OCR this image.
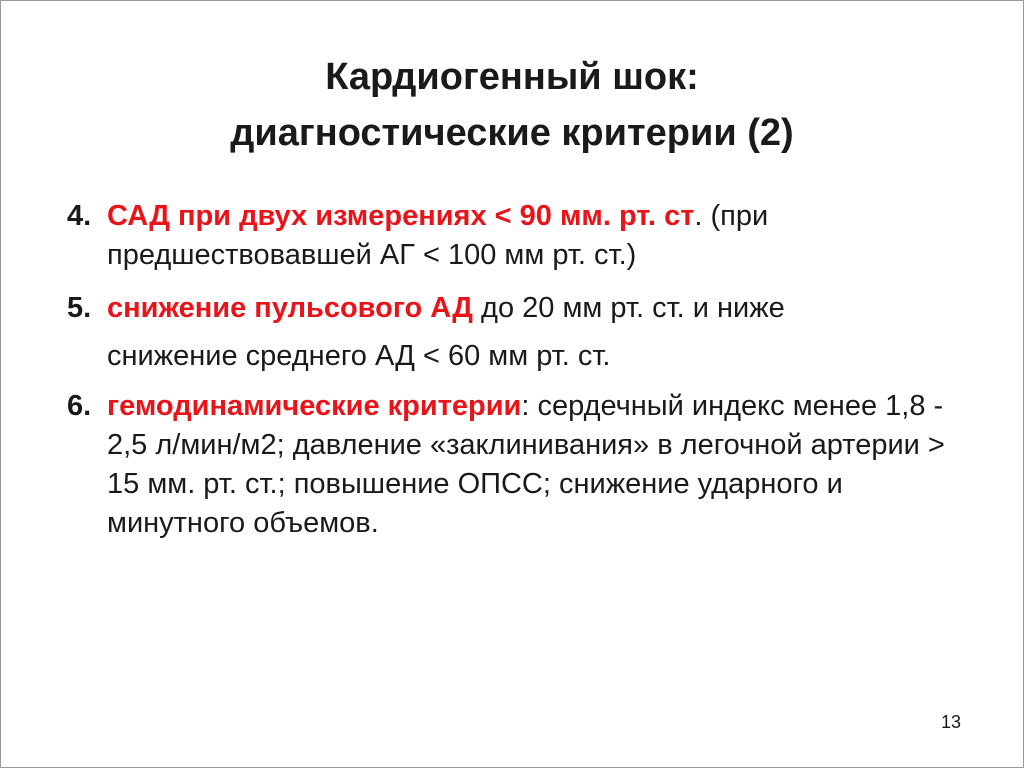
Кардиогенный шок:
диагностические критерии (2)
4. САД при двух измерениях < 90 мм. рт. ст. (при предшествовавшей АГ < 100 мм рт. ст.)
5. снижение пульсового АД до 20 мм рт. ст. и ниже
снижение среднего АД < 60 мм рт. ст.
6. гемодинамические критерии: сердечный индекс менее 1,8 - 2,5 л/мин/м2; давление «заклинивания» в легочной артерии > 15 мм. рт. ст.; повышение ОПСС; снижение ударного и минутного объемов.
13
